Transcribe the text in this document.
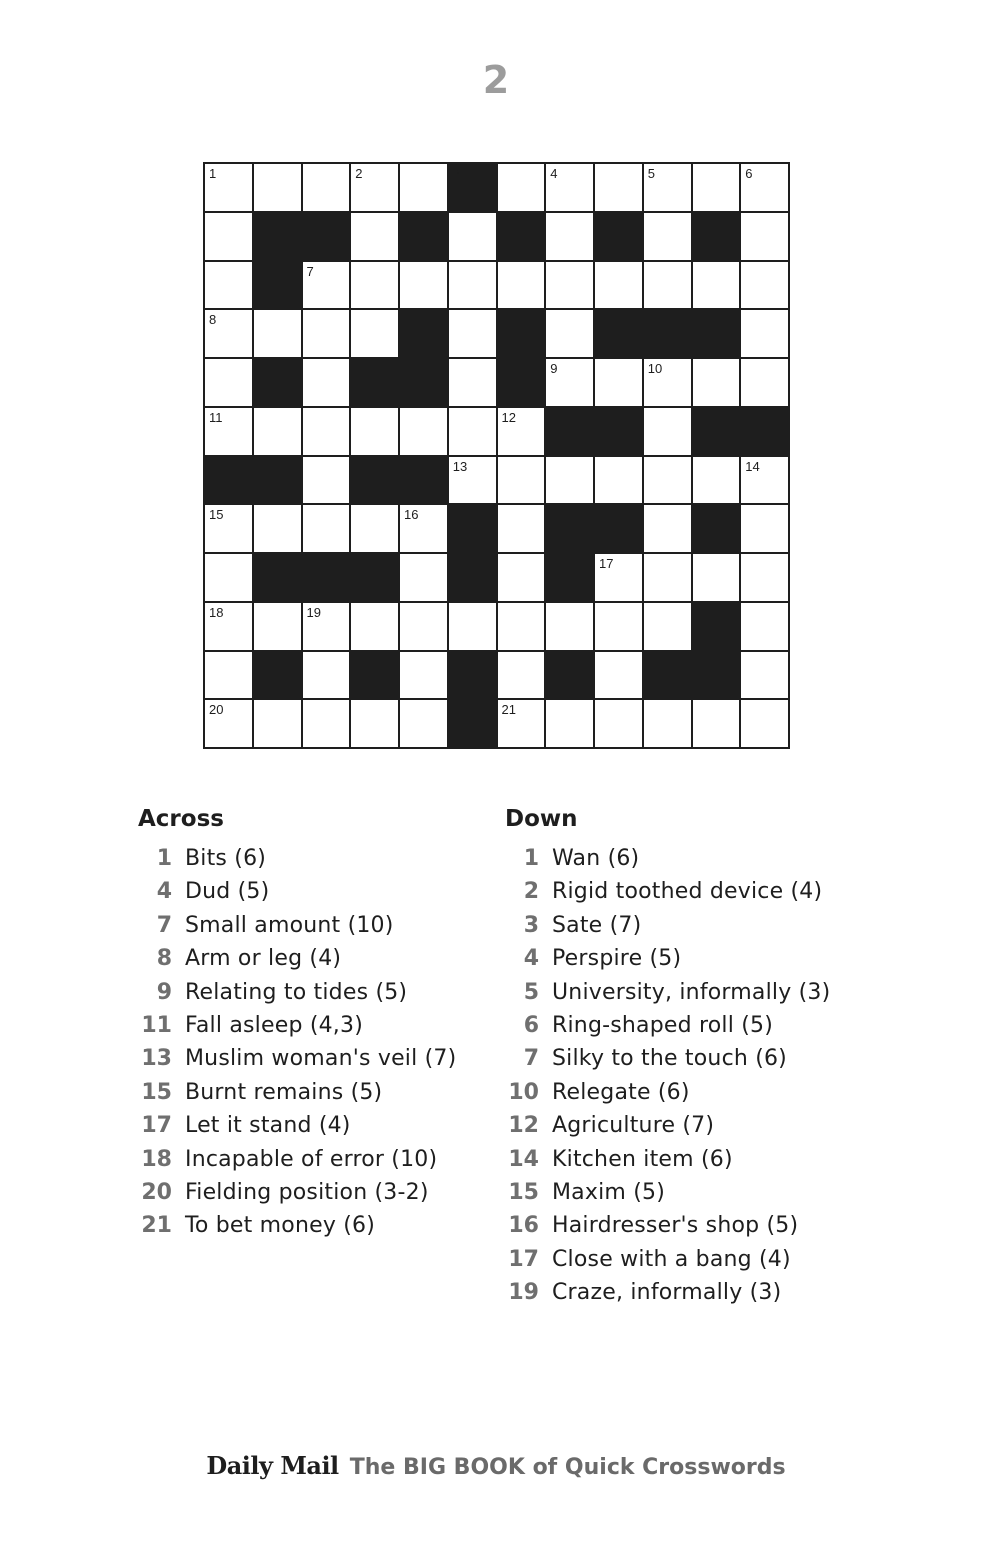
2
1	2	3	4	5	6
7
8
9	10
11	12
13	14
15	16
17
18	19
20	21
Across
1 Bits (6)
4 Dud (5)
7 Small amount (10)
8 Arm or leg (4)
9 Relating to tides (5)
11 Fall asleep (4,3)
13 Muslim woman's veil (7)
15 Burnt remains (5)
17 Let it stand (4)
18 Incapable of error (10)
20 Fielding position (3-2)
21 To bet money (6)
Down
1 Wan (6)
2 Rigid toothed device (4)
3 Sate (7)
4 Perspire (5)
5 University, informally (3)
6 Ring-shaped roll (5)
7 Silky to the touch (6)
10 Relegate (6)
12 Agriculture (7)
14 Kitchen item (6)
15 Maxim (5)
16 Hairdresser's shop (5)
17 Close with a bang (4)
19 Craze, informally (3)
Daily Mail The BIG BOOK of Quick Crosswords
